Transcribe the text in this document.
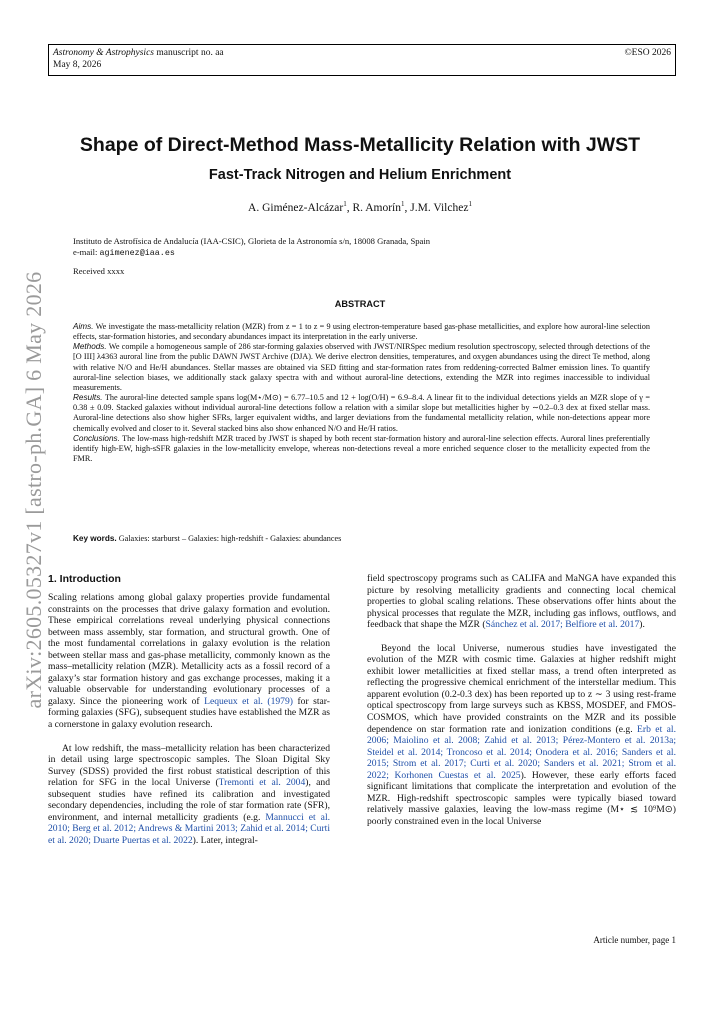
Astronomy & Astrophysics manuscript no. aa
May 8, 2026
©ESO 2026
arXiv:2605.05327v1 [astro-ph.GA] 6 May 2026
Shape of Direct-Method Mass-Metallicity Relation with JWST
Fast-Track Nitrogen and Helium Enrichment
A. Giménez-Alcázar$^1$, R. Amorín$^1$, J.M. Vilchez$^1$
Instituto de Astrofísica de Andalucía (IAA-CSIC), Glorieta de la Astronomía s/n, 18008 Granada, Spain
e-mail: agimenez@iaa.es
Received xxxx
ABSTRACT

Aims. We investigate the mass-metallicity relation (MZR) from z = 1 to z = 9 using electron-temperature based gas-phase metallicities, and explore how auroral-line selection effects, star-formation histories, and secondary abundances impact its interpretation in the early universe.

Methods. We compile a homogeneous sample of 286 star-forming galaxies observed with JWST/NIRSpec medium resolution spectroscopy, selected through detections of the [O III] λ4363 auroral line from the public DAWN JWST Archive (DJA). We derive electron densities, temperatures, and oxygen abundances using the direct Te method, along with relative N/O and He/H abundances. Stellar masses are obtained via SED fitting and star-formation rates from reddening-corrected Balmer emission lines. To quantify auroral-line selection biases, we additionally stack galaxy spectra with and without auroral-line detections, extending the MZR into regimes inaccessible to individual measurements.

Results. The auroral-line detected sample spans log(M⋆/M⊙) = 6.77–10.5 and 12 + log(O/H) = 6.9–8.4. A linear fit to the individual detections yields an MZR slope of γ = 0.38 ± 0.09. Stacked galaxies without individual auroral-line detections follow a relation with a similar slope but metallicities higher by ∼0.2–0.3 dex at fixed stellar mass. Auroral-line detections also show higher SFRs, larger equivalent widths, and larger deviations from the fundamental metallicity relation, while non-detections appear more chemically evolved and closer to it. Several stacked bins also show enhanced N/O and He/H ratios.

Conclusions. The low-mass high-redshift MZR traced by JWST is shaped by both recent star-formation history and auroral-line selection effects. Auroral lines preferentially identify high-EW, high-sSFR galaxies in the low-metallicity envelope, whereas non-detections reveal a more enriched sequence closer to the metallicity expected from the FMR.

Key words. Galaxies: starburst – Galaxies: high-redshift - Galaxies: abundances
1. Introduction

Scaling relations among global galaxy properties provide fundamental constraints on the processes that drive galaxy formation and evolution. These empirical correlations reveal underlying physical connections between mass assembly, star formation, and structural growth. One of the most fundamental correlations in galaxy evolution is the relation between stellar mass and gas-phase metallicity, commonly known as the mass–metallicity relation (MZR). Metallicity acts as a fossil record of a galaxy’s star formation history and gas exchange processes, making it a valuable observable for understanding evolutionary processes of a galaxy. Since the pioneering work of Lequeux et al. (1979) for star-forming galaxies (SFG), subsequent studies have established the MZR as a cornerstone in galaxy evolution research.

At low redshift, the mass–metallicity relation has been characterized in detail using large spectroscopic samples. The Sloan Digital Sky Survey (SDSS) provided the first robust statistical description of this relation for SFG in the local Universe (Tremonti et al. 2004), and subsequent studies have refined its calibration and investigated secondary dependencies, including the role of star formation rate (SFR), environment, and internal metallicity gradients (e.g. Mannucci et al. 2010; Berg et al. 2012; Andrews & Martini 2013; Zahid et al. 2014; Curti et al. 2020; Duarte Puertas et al. 2022). Later, integral-

field spectroscopy programs such as CALIFA and MaNGA have expanded this picture by resolving metallicity gradients and connecting local chemical properties to global scaling relations. These observations offer hints about the physical processes that regulate the MZR, including gas inflows, outflows, and feedback that shape the MZR (Sánchez et al. 2017; Belfiore et al. 2017).

Beyond the local Universe, numerous studies have investigated the evolution of the MZR with cosmic time. Galaxies at higher redshift might exhibit lower metallicities at fixed stellar mass, a trend often interpreted as reflecting the progressive chemical enrichment of the interstellar medium. This apparent evolution (0.2-0.3 dex) has been reported up to z ∼ 3 using rest-frame optical spectroscopy from large surveys such as KBSS, MOSDEF, and FMOS-COSMOS, which have provided constraints on the MZR and its possible dependence on star formation rate and ionization conditions (e.g. Erb et al. 2006; Maiolino et al. 2008; Zahid et al. 2013; Pérez-Montero et al. 2013a; Steidel et al. 2014; Troncoso et al. 2014; Onodera et al. 2016; Sanders et al. 2015; Strom et al. 2017; Curti et al. 2020; Sanders et al. 2021; Strom et al. 2022; Korhonen Cuestas et al. 2025). However, these early efforts faced significant limitations that complicate the interpretation and evolution of the MZR. High-redshift spectroscopic samples were typically biased toward relatively massive galaxies, leaving the low-mass regime (M⋆ ≲ 10⁹M⊙) poorly constrained even in the local Universe

Article number, page 1
